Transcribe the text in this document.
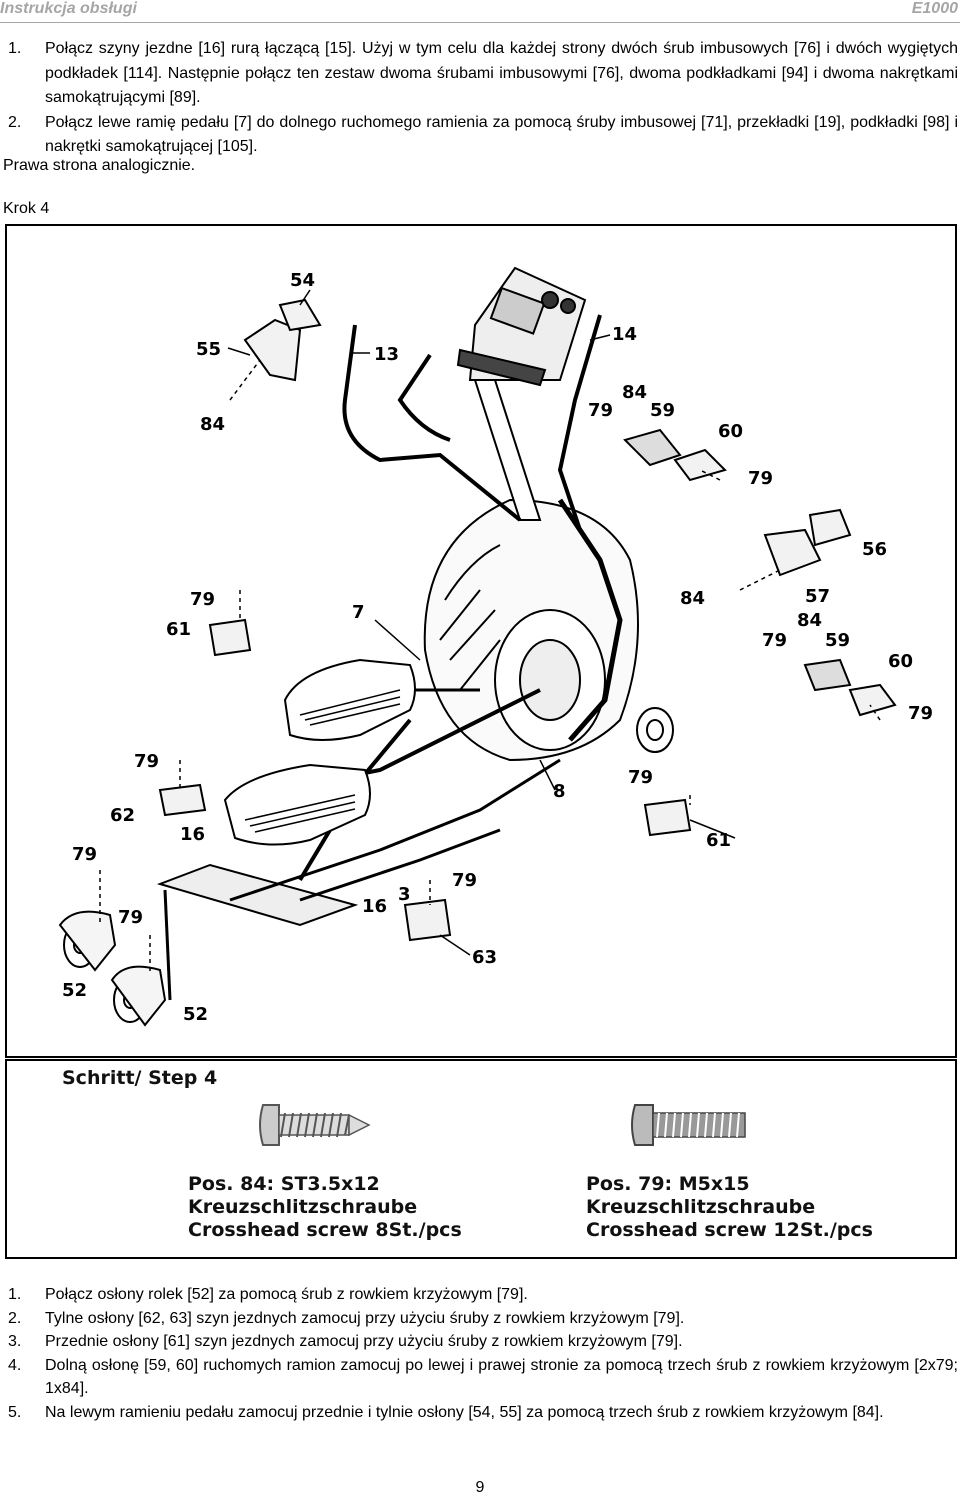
Instrukcja obsługi	E1000
1. Połącz szyny jezdne [16] rurą łączącą [15]. Użyj w tym celu dla każdej strony dwóch śrub imbusowych [76] i dwóch wygiętych podkładek [114]. Następnie połącz ten zestaw dwoma śrubami imbusowymi [76], dwoma podkładkami [94] i dwoma nakrętkami samokątrującymi [89].
2. Połącz lewe ramię pedału [7] do dolnego ruchomego ramienia za pomocą śruby imbusowej [71], przekładki [19], podkładki [98] i nakrętki samokątrującej [105].
Prawa strona analogicznie.
Krok 4
54
55
84
13
14
84
79 59
60
79
56
84	57
84
79 59
60
79
79
61
7
79
62
16
79
79
52
52
79
8
61
3
16
79
63
Schritt/ Step 4
Pos. 84: ST3.5x12
Kreuzschlitzschraube
Crosshead screw 8St./pcs
Pos. 79: M5x15
Kreuzschlitzschraube
Crosshead screw 12St./pcs
1. Połącz osłony rolek [52] za pomocą śrub z rowkiem krzyżowym [79].
2. Tylne osłony [62, 63] szyn jezdnych zamocuj przy użyciu śruby z rowkiem krzyżowym [79].
3. Przednie osłony [61] szyn jezdnych zamocuj przy użyciu śruby z rowkiem krzyżowym [79].
4. Dolną osłonę [59, 60] ruchomych ramion zamocuj po lewej i prawej stronie za pomocą trzech śrub z rowkiem krzyżowym [2x79; 1x84].
5. Na lewym ramieniu pedału zamocuj przednie i tylnie osłony [54, 55] za pomocą trzech śrub z rowkiem krzyżowym [84].
9
